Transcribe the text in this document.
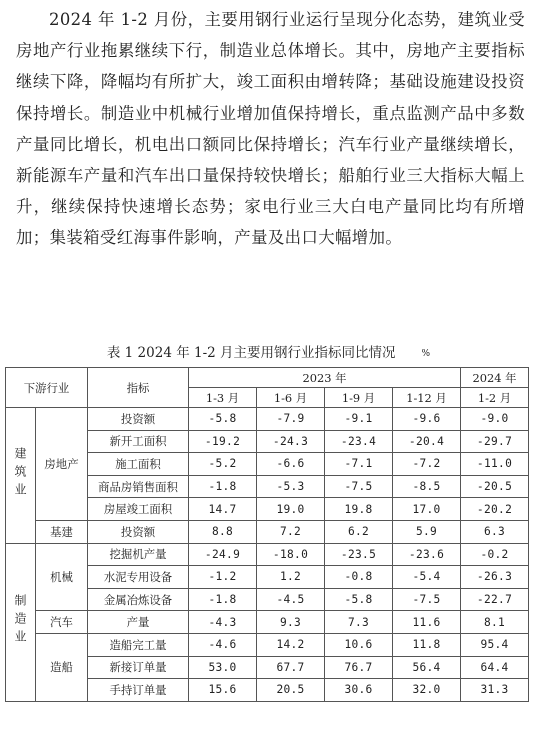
2024 年 1-2 月份，主要用钢行业运行呈现分化态势，建筑业受房地产行业拖累继续下行，制造业总体增长。其中，房地产主要指标继续下降，降幅均有所扩大，竣工面积由增转降；基础设施建设投资保持增长。制造业中机械行业增加值保持增长，重点监测产品中多数产量同比增长，机电出口额同比保持增长；汽车行业产量继续增长，新能源车产量和汽车出口量保持较快增长；船舶行业三大指标大幅上升，继续保持快速增长态势；家电行业三大白电产量同比均有所增加；集装箱受红海事件影响，产量及出口大幅增加。

表 1 2024 年 1-2 月主要用钢行业指标同比情况	%
下游行业		指标	2023 年				2024 年
			1-3 月	1-6 月	1-9 月	1-12 月	1-2 月
建筑业	房地产	投资额	-5.8	-7.9	-9.1	-9.6	-9.0
		新开工面积	-19.2	-24.3	-23.4	-20.4	-29.7
		施工面积	-5.2	-6.6	-7.1	-7.2	-11.0
		商品房销售面积	-1.8	-5.3	-7.5	-8.5	-20.5
		房屋竣工面积	14.7	19.0	19.8	17.0	-20.2
	基建	投资额	8.8	7.2	6.2	5.9	6.3
制造业	机械	挖掘机产量	-24.9	-18.0	-23.5	-23.6	-0.2
		水泥专用设备	-1.2	1.2	-0.8	-5.4	-26.3
		金属冶炼设备	-1.8	-4.5	-5.8	-7.5	-22.7
	汽车	产量	-4.3	9.3	7.3	11.6	8.1
	造船	造船完工量	-4.6	14.2	10.6	11.8	95.4
		新接订单量	53.0	67.7	76.7	56.4	64.4
		手持订单量	15.6	20.5	30.6	32.0	31.3
